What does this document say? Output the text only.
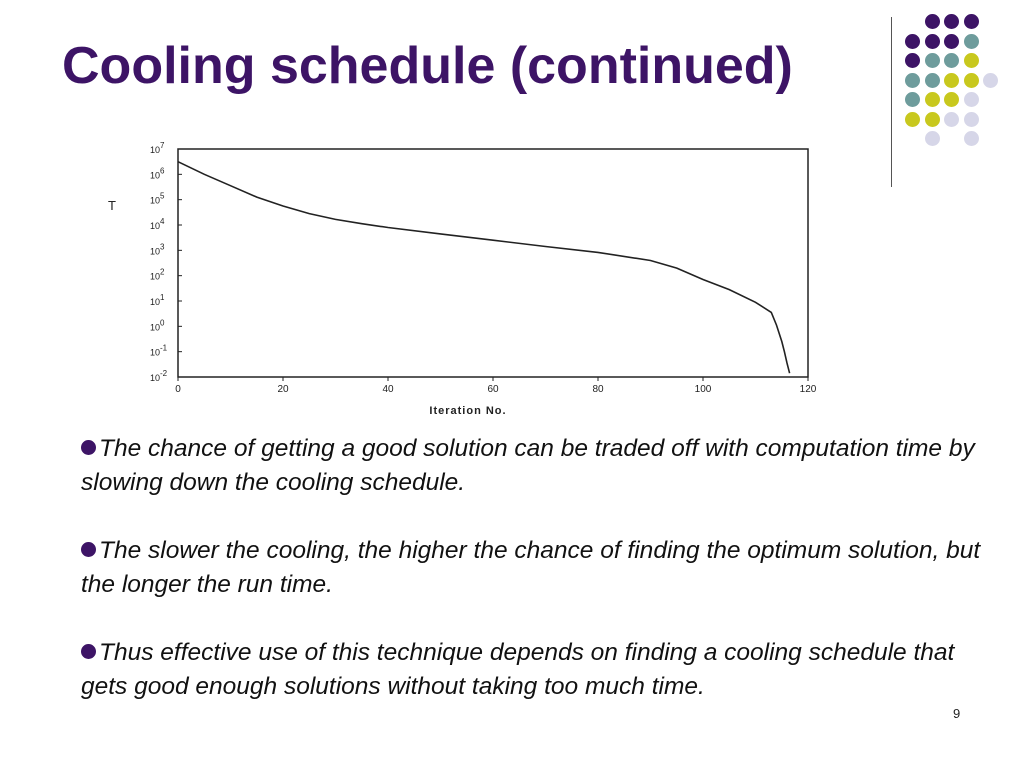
Cooling schedule (continued)
0	20	40	60	80	100	120
10-2
10-1
100
101
102
103
104
105
106
107
T
Iteration No.

The chance of getting a good solution can be traded off with computation time by slowing down the cooling schedule.

The slower the cooling, the higher the chance of finding the optimum solution, but the longer the run time.

Thus effective use of this technique depends on finding a cooling schedule that gets good enough solutions without taking too much time.

9
